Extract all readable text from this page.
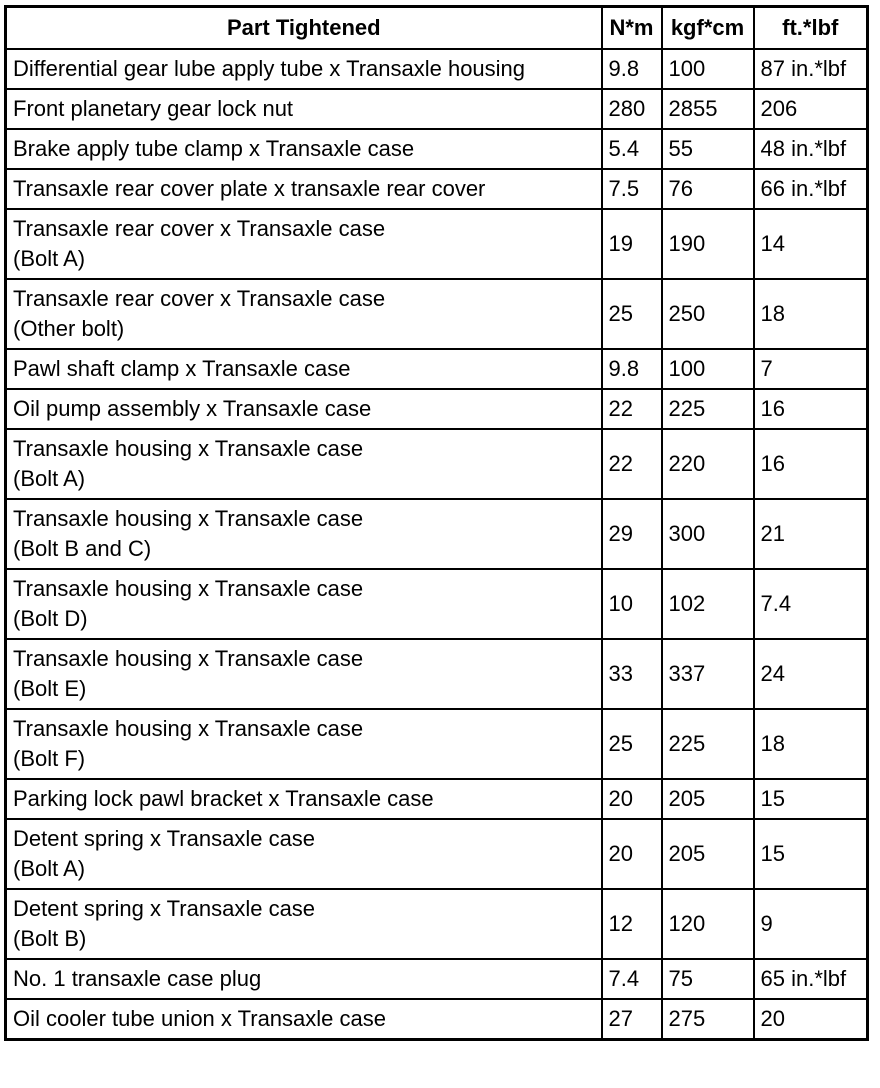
Part Tightened	N*m	kgf*cm	ft.*lbf

Differential gear lube apply tube x Transaxle housing	9.8	100	87 in.*lbf

Front planetary gear lock nut	280	2855	206

Brake apply tube clamp x Transaxle case	5.4	55	48 in.*lbf

Transaxle rear cover plate x transaxle rear cover	7.5	76	66 in.*lbf

Transaxle rear cover x Transaxle case
(Bolt A)	19	190	14

Transaxle rear cover x Transaxle case
(Other bolt)	25	250	18

Pawl shaft clamp x Transaxle case	9.8	100	7

Oil pump assembly x Transaxle case	22	225	16

Transaxle housing x Transaxle case
(Bolt A)	22	220	16

Transaxle housing x Transaxle case
(Bolt B and C)	29	300	21

Transaxle housing x Transaxle case
(Bolt D)	10	102	7.4

Transaxle housing x Transaxle case
(Bolt E)	33	337	24

Transaxle housing x Transaxle case
(Bolt F)	25	225	18

Parking lock pawl bracket x Transaxle case	20	205	15

Detent spring x Transaxle case
(Bolt A)	20	205	15

Detent spring x Transaxle case
(Bolt B)	12	120	9

No. 1 transaxle case plug	7.4	75	65 in.*lbf

Oil cooler tube union x Transaxle case	27	275	20
